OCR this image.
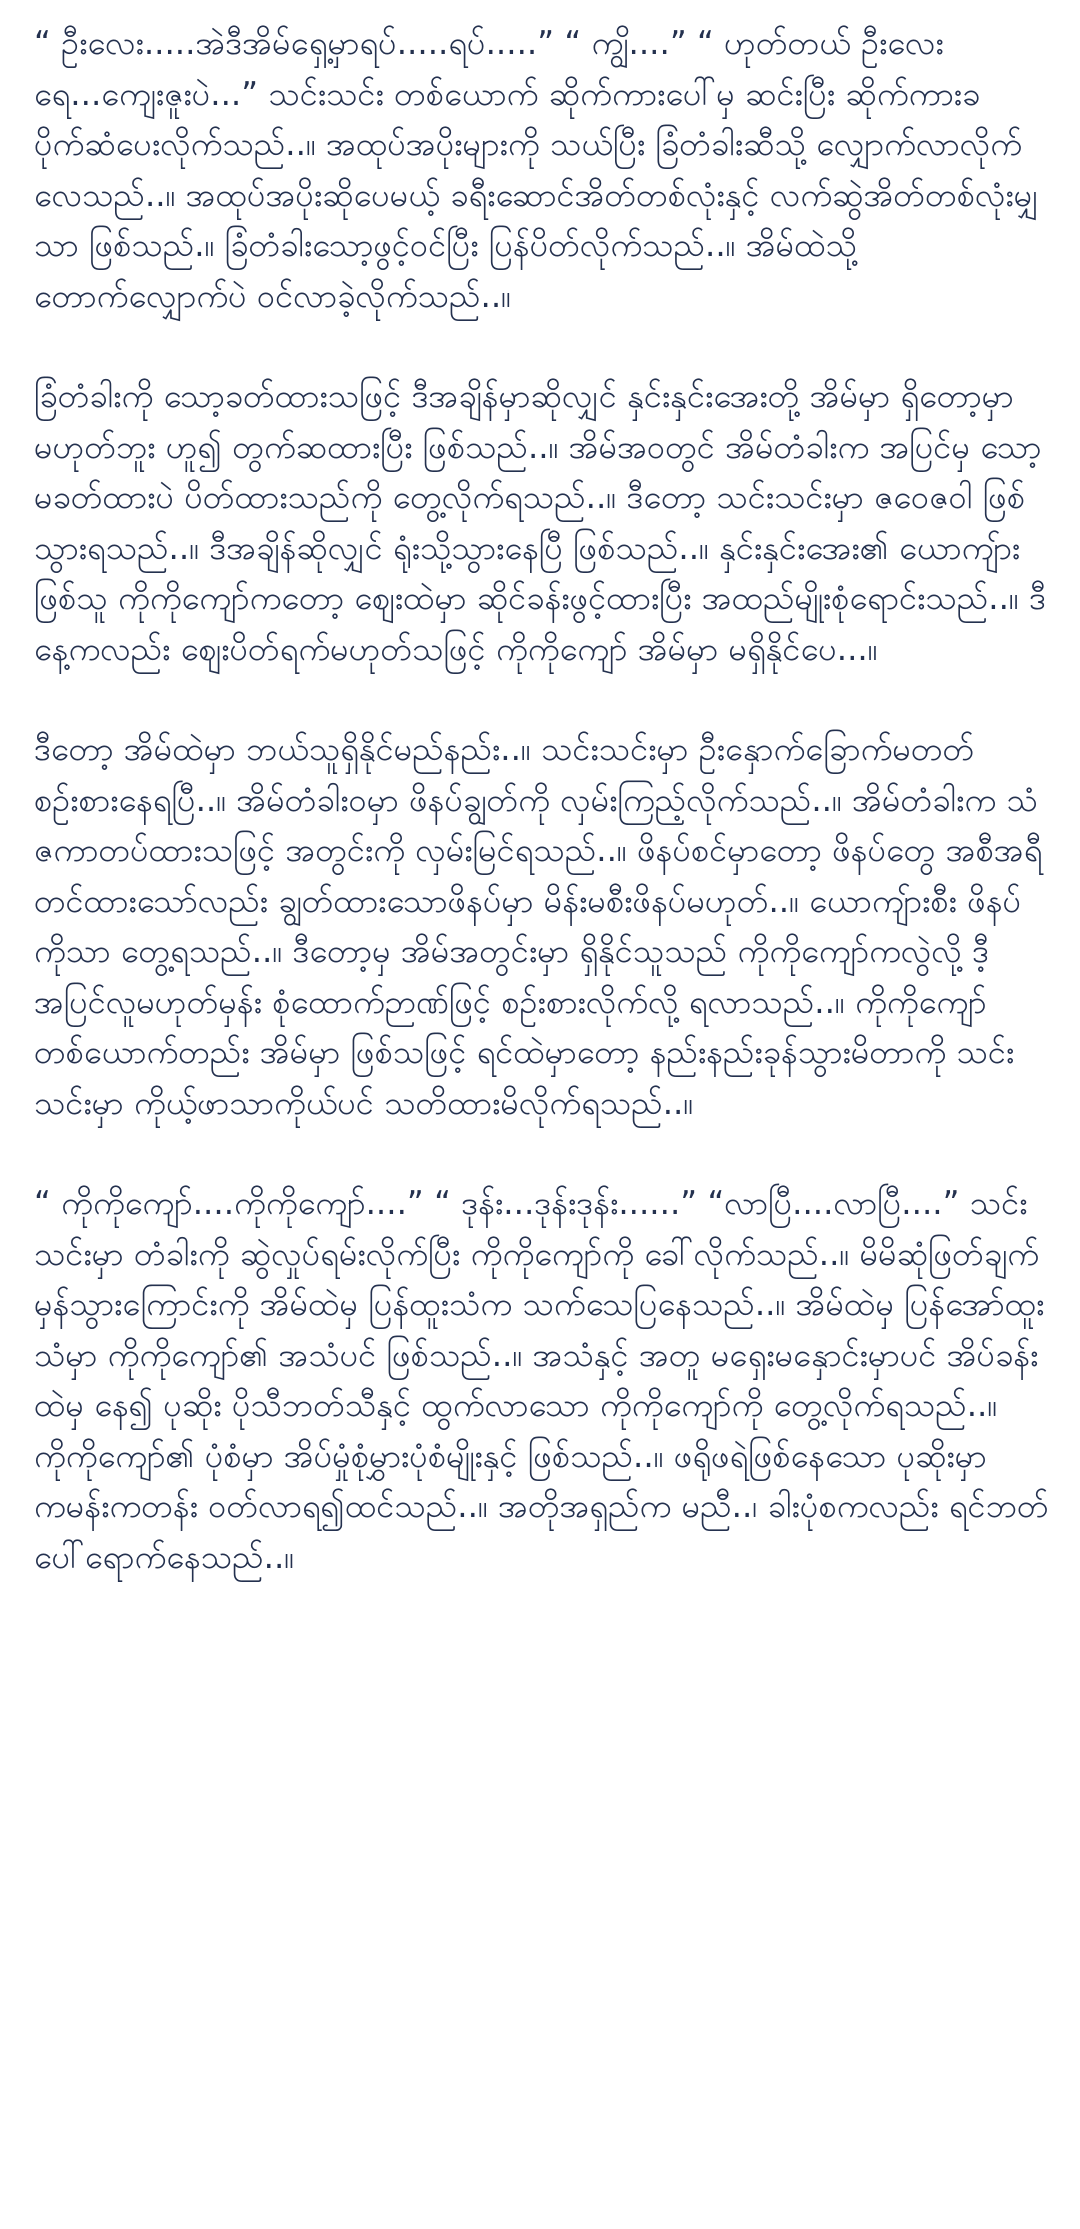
“ ဦးလေး.....အဲဒီအိမ်ရှေ့မှာရပ်.....ရပ်.....” “ ကျွိ....” “ ဟုတ်တယ် ဦးလေး ရေ...ကျေးဇူးပဲ...” သင်းသင်း တစ်ယောက် ဆိုက်ကားပေါ်မှ ဆင်းပြီး ဆိုက်ကားခ ပိုက်ဆံပေးလိုက်သည်..။ အထုပ်အပိုးများကို သယ်ပြီး ခြံတံခါးဆီသို့ လျှောက်လာလိုက်လေသည်..။ အထုပ်အပိုးဆိုပေမယ့် ခရီးဆောင်အိတ်တစ်လုံးနှင့် လက်ဆွဲအိတ်တစ်လုံးမျှသာ ဖြစ်သည်.။ ခြံတံခါးသော့ဖွင့်ဝင်ပြီး ပြန်ပိတ်လိုက်သည်..။ အိမ်ထဲသို့ တောက်လျှောက်ပဲ ဝင်လာခဲ့လိုက်သည်..။

ခြံတံခါးကို သော့ခတ်ထားသဖြင့် ဒီအချိန်မှာဆိုလျှင် နှင်းနှင်းအေးတို့ အိမ်မှာ ရှိတော့မှာ မဟုတ်ဘူး ဟူ၍ တွက်ဆထားပြီး ဖြစ်သည်..။ အိမ်အဝတွင် အိမ်တံခါးက အပြင်မှ သော့မခတ်ထားပဲ ပိတ်ထားသည်ကို တွေ့လိုက်ရသည်..။ ဒီတော့ သင်းသင်းမှာ ဇဝေဇဝါ ဖြစ်သွားရသည်..။ ဒီအချိန်ဆိုလျှင် ရုံးသို့သွားနေပြီ ဖြစ်သည်..။ နှင်းနှင်းအေး၏ ယောကျ်ားဖြစ်သူ ကိုကိုကျော်ကတော့ ဈေးထဲမှာ ဆိုင်ခန်းဖွင့်ထားပြီး အထည်မျိုးစုံရောင်းသည်..။ ဒီနေ့ကလည်း ဈေးပိတ်ရက်မဟုတ်သဖြင့် ကိုကိုကျော် အိမ်မှာ မရှိနိုင်ပေ...။

ဒီတော့ အိမ်ထဲမှာ ဘယ်သူရှိနိုင်မည်နည်း..။ သင်းသင်းမှာ ဦးနှောက်ခြောက်မတတ် စဉ်းစားနေရပြီ..။ အိမ်တံခါးဝမှာ ဖိနပ်ချွတ်ကို လှမ်းကြည့်လိုက်သည်..။ အိမ်တံခါးက သံဇကာတပ်ထားသဖြင့် အတွင်းကို လှမ်းမြင်ရသည်..။ ဖိနပ်စင်မှာတော့ ဖိနပ်တွေ အစီအရီတင်ထားသော်လည်း ချွတ်ထားသောဖိနပ်မှာ မိန်းမစီးဖိနပ်မဟုတ်..။ ယောကျ်ားစီး ဖိနပ်ကိုသာ တွေ့ရသည်..။ ဒီတော့မှ အိမ်အတွင်းမှာ ရှိနိုင်သူသည် ကိုကိုကျော်ကလွဲလို့ ဒီ့အပြင်လူမဟုတ်မှန်း စုံထောက်ဉာဏ်ဖြင့် စဉ်းစားလိုက်လို့ ရလာသည်..။ ကိုကိုကျော်တစ်ယောက်တည်း အိမ်မှာ ဖြစ်သဖြင့် ရင်ထဲမှာတော့ နည်းနည်းခုန်သွားမိတာကို သင်းသင်းမှာ ကိုယ့်ဖာသာကိုယ်ပင် သတိထားမိလိုက်ရသည်..။

“ ကိုကိုကျော်....ကိုကိုကျော်....” “ ဒုန်း...ဒုန်းဒုန်း......” “လာပြီ....လာပြီ....” သင်းသင်းမှာ တံခါးကို ဆွဲလှုပ်ရမ်းလိုက်ပြီး ကိုကိုကျော်ကို ခေါ်လိုက်သည်..။ မိမိဆုံဖြတ်ချက် မှန်သွားကြောင်းကို အိမ်ထဲမှ ပြန်ထူးသံက သက်သေပြနေသည်..။ အိမ်ထဲမှ ပြန်အော်ထူးသံမှာ ကိုကိုကျော်၏ အသံပင် ဖြစ်သည်..။ အသံနှင့် အတူ မရှေးမနှောင်းမှာပင် အိပ်ခန်းထဲမှ နေ၍ ပုဆိုး ပိုသီဘတ်သီနှင့် ထွက်လာသော ကိုကိုကျော်ကို တွေ့လိုက်ရသည်..။ ကိုကိုကျော်၏ ပုံစံမှာ အိပ်မှုံစုံမွှားပုံစံမျိုးနှင့် ဖြစ်သည်..။ ဖရိုဖရဲဖြစ်နေသော ပုဆိုးမှာ ကမန်းကတန်း ဝတ်လာရ၍ထင်သည်..။ အတိုအရှည်က မညီ..၊ ခါးပုံစကလည်း ရင်ဘတ်ပေါ်ရောက်နေသည်..။
